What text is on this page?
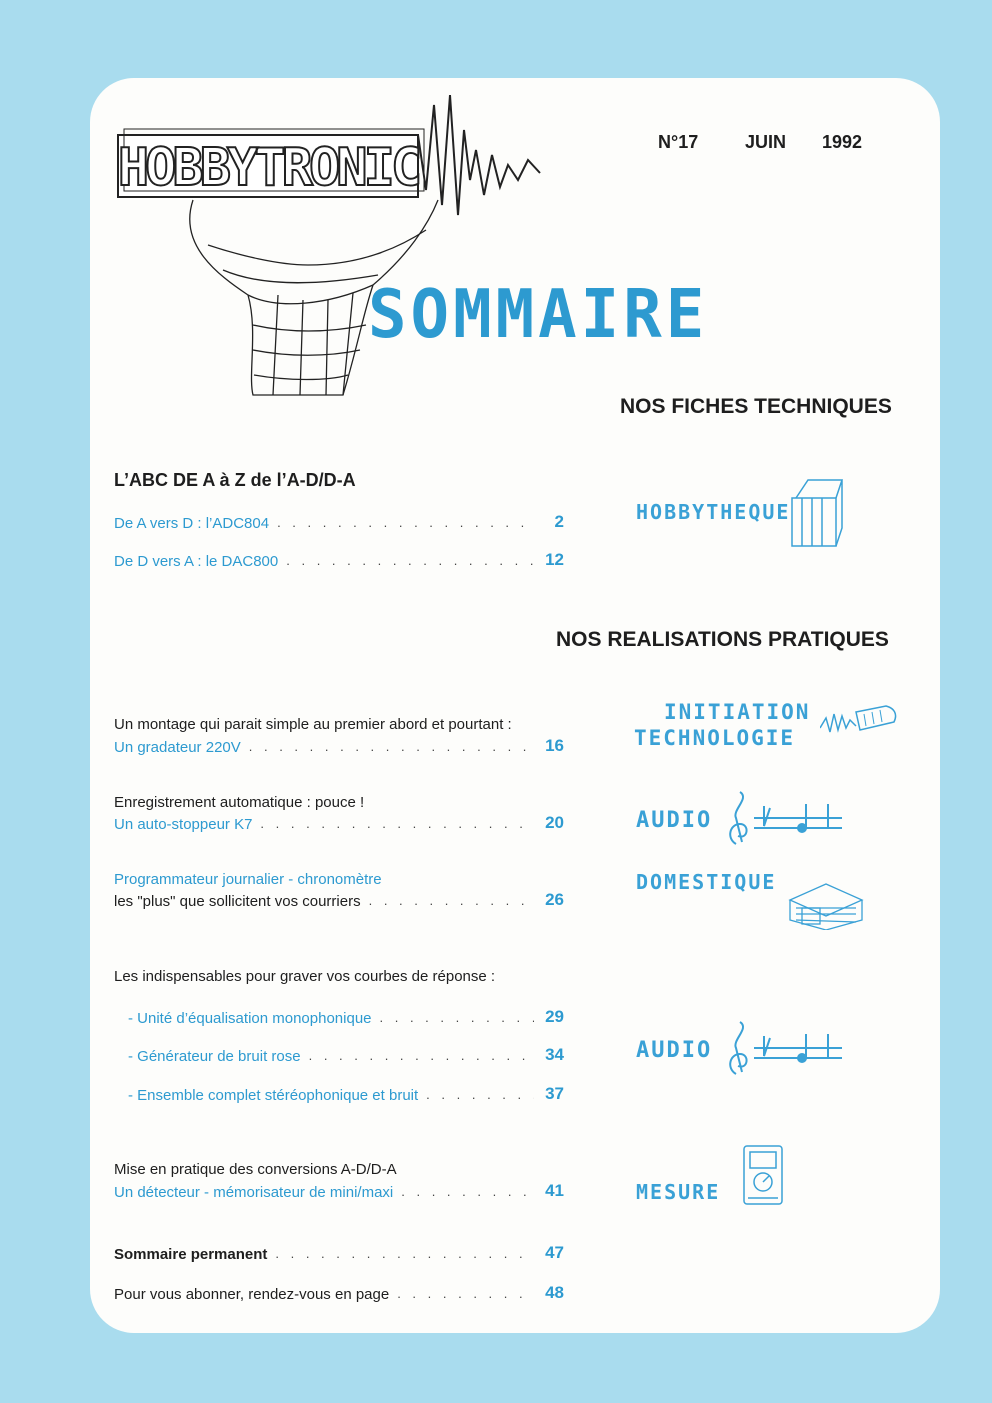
HOBBYTRONIC	N°17	JUIN 1992
SOMMAIRE
NOS FICHES TECHNIQUES
NOS REALISATIONS PRATIQUES
L’ABC DE A à Z de l’A-D/D-A
De A vers D : l’ADC804 . . .	2
De D vers A : le DAC800 . . .	12
Un montage qui parait simple au premier abord et pourtant :
Un gradateur 220V . . .	16
Enregistrement automatique : pouce !
Un auto-stoppeur K7 . . .	20
Programmateur journalier - chronomètre
les "plus" que sollicitent vos courriers . . .	26
Les indispensables pour graver vos courbes de réponse :
- Unité d’équalisation monophonique . . .	29
- Générateur de bruit rose . . .	34
- Ensemble complet stéréophonique et bruit . . .	37
Mise en pratique des conversions A-D/D-A
Un détecteur - mémorisateur de mini/maxi . . .	41
Sommaire permanent . . .	47
Pour vous abonner, rendez-vous en page . . .	48
HOBBYTHEQUE
INITIATION
TECHNOLOGIE
AUDIO
DOMESTIQUE
AUDIO
MESURE
